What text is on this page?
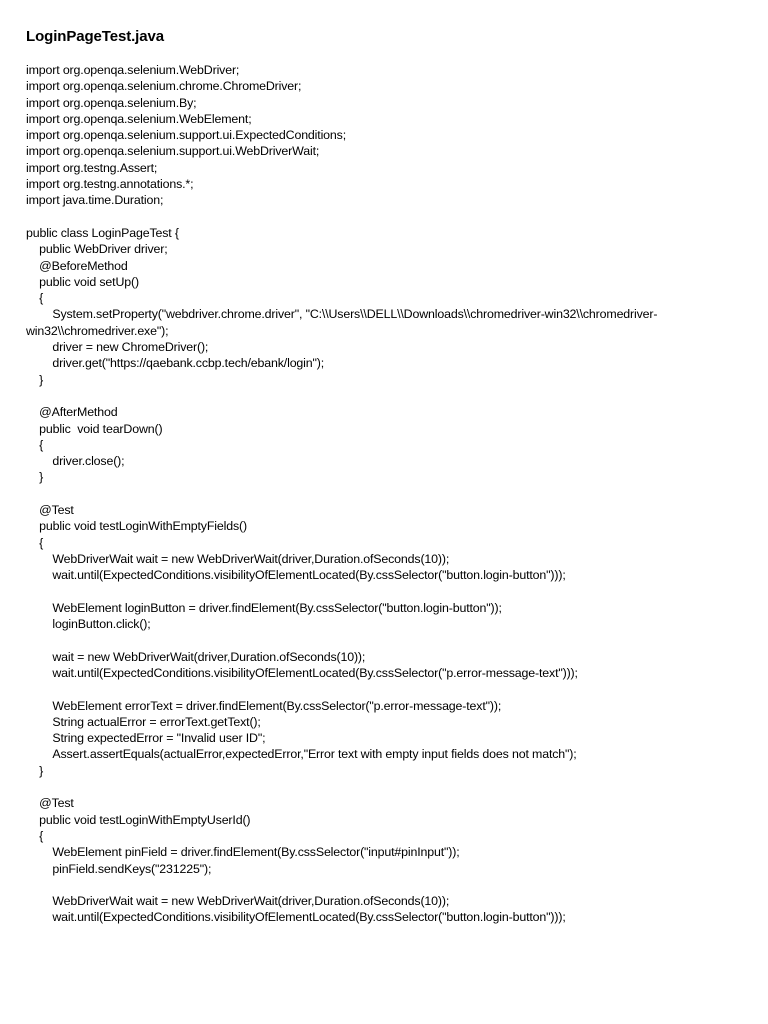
LoginPageTest.java
import org.openqa.selenium.WebDriver;
import org.openqa.selenium.chrome.ChromeDriver;
import org.openqa.selenium.By;
import org.openqa.selenium.WebElement;
import org.openqa.selenium.support.ui.ExpectedConditions;
import org.openqa.selenium.support.ui.WebDriverWait;
import org.testng.Assert;
import org.testng.annotations.*;
import java.time.Duration;
public class LoginPageTest {
public WebDriver driver;
@BeforeMethod
public void setUp()
{
System.setProperty("webdriver.chrome.driver", "C:\\Users\\DELL\\Downloads\\chromedriver-win32\\chromedriver-win32\\chromedriver.exe");
driver = new ChromeDriver();
driver.get("https://qaebank.ccbp.tech/ebank/login");
}
@AfterMethod
public  void tearDown()
{
driver.close();
}
@Test
public void testLoginWithEmptyFields()
{
WebDriverWait wait = new WebDriverWait(driver,Duration.ofSeconds(10));
wait.until(ExpectedConditions.visibilityOfElementLocated(By.cssSelector("button.login-button")));
WebElement loginButton = driver.findElement(By.cssSelector("button.login-button"));
loginButton.click();
wait = new WebDriverWait(driver,Duration.ofSeconds(10));
wait.until(ExpectedConditions.visibilityOfElementLocated(By.cssSelector("p.error-message-text")));
WebElement errorText = driver.findElement(By.cssSelector("p.error-message-text"));
String actualError = errorText.getText();
String expectedError = "Invalid user ID";
Assert.assertEquals(actualError,expectedError,"Error text with empty input fields does not match");
}
@Test
public void testLoginWithEmptyUserId()
{
WebElement pinField = driver.findElement(By.cssSelector("input#pinInput"));
pinField.sendKeys("231225");
WebDriverWait wait = new WebDriverWait(driver,Duration.ofSeconds(10));
wait.until(ExpectedConditions.visibilityOfElementLocated(By.cssSelector("button.login-button")));
